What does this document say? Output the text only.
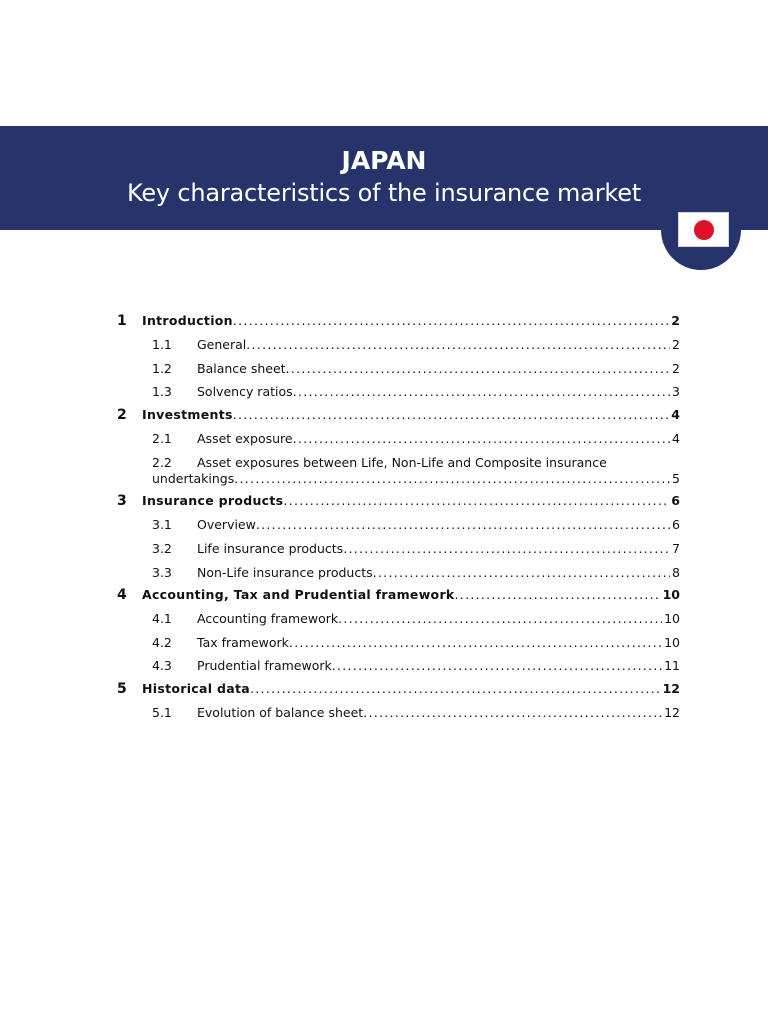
JAPAN
Key characteristics of the insurance market
1	Introduction .....	2
1.1	General .....	2
1.2	Balance sheet .....	2
1.3	Solvency ratios .....	3
2	Investments .....	4
2.1	Asset exposure .....	4
2.2 Asset exposures between Life, Non-Life and Composite insurance
undertakings .....	5
3	Insurance products .....	6
3.1	Overview .....	6
3.2	Life insurance products .....	7
3.3	Non-Life insurance products .....	8
4	Accounting, Tax and Prudential framework .....	10
4.1	Accounting framework .....	10
4.2	Tax framework .....	10
4.3	Prudential framework .....	11
5	Historical data .....	12
5.1	Evolution of balance sheet .....	12
